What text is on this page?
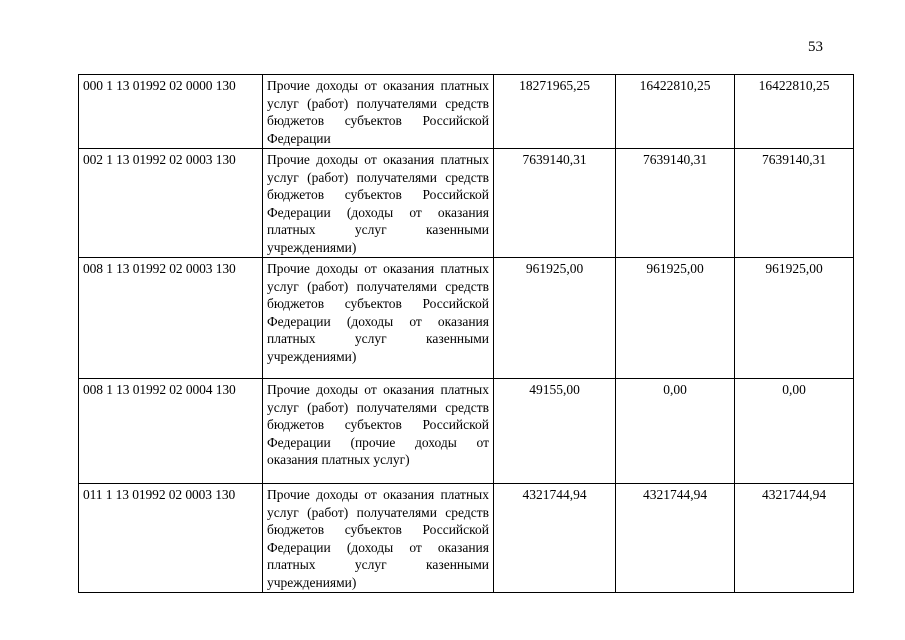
53
000 1 13 01992 02 0000 130	Прочие доходы от оказания платных услуг (работ) получателями средств бюджетов субъектов Российской Федерации	18271965,25	16422810,25	16422810,25
002 1 13 01992 02 0003 130	Прочие доходы от оказания платных услуг (работ) получателями средств бюджетов субъектов Российской Федерации (доходы от оказания платных услуг казенными учреждениями)	7639140,31	7639140,31	7639140,31
008 1 13 01992 02 0003 130	Прочие доходы от оказания платных услуг (работ) получателями средств бюджетов субъектов Российской Федерации (доходы от оказания платных услуг казенными учреждениями)	961925,00	961925,00	961925,00
008 1 13 01992 02 0004 130	Прочие доходы от оказания платных услуг (работ) получателями средств бюджетов субъектов Российской Федерации (прочие доходы от оказания платных услуг)	49155,00	0,00	0,00
011 1 13 01992 02 0003 130	Прочие доходы от оказания платных услуг (работ) получателями средств бюджетов субъектов Российской Федерации (доходы от оказания платных услуг казенными учреждениями)	4321744,94	4321744,94	4321744,94
